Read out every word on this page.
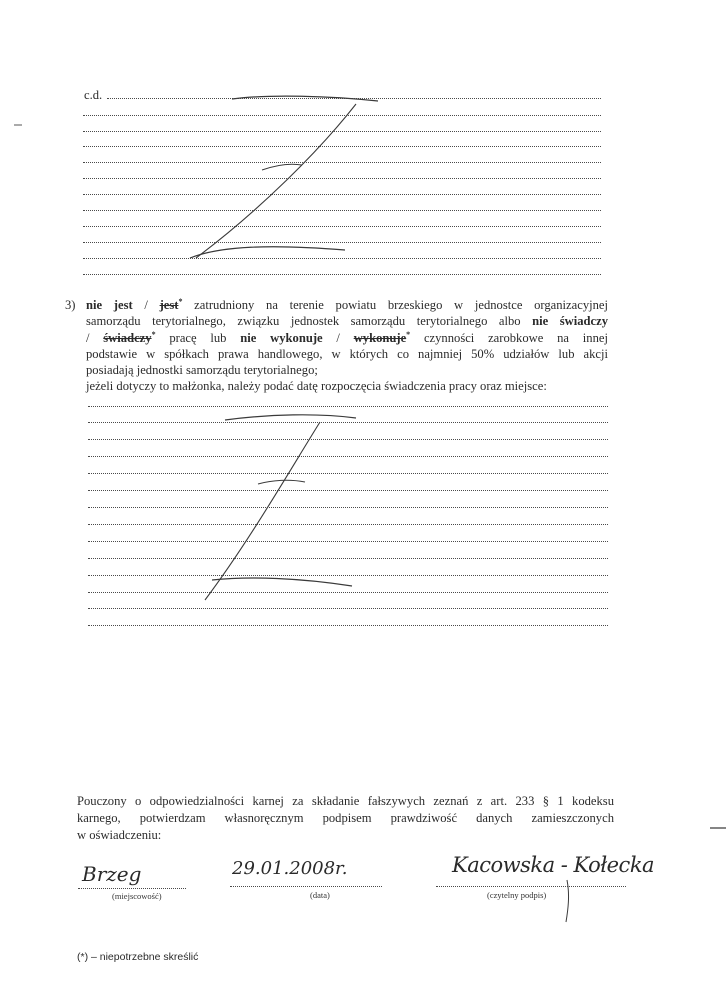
c.d.
3) nie jest / jest* zatrudniony na terenie powiatu brzeskiego w jednostce organizacyjnej
samorządu terytorialnego, związku jednostek samorządu terytorialnego albo nie świadczy
/ świadczy* pracę lub nie wykonuje / wykonuje* czynności zarobkowe na innej
podstawie w spółkach prawa handlowego, w których co najmniej 50% udziałów lub akcji
posiadają jednostki samorządu terytorialnego;
jeżeli dotyczy to małżonka, należy podać datę rozpoczęcia świadczenia pracy oraz miejsce:
Pouczony o odpowiedzialności karnej za składanie fałszywych zeznań z art. 233 § 1 kodeksu
karnego, potwierdzam własnoręcznym podpisem prawdziwość danych zamieszczonych
w oświadczeniu:
Brzeg
(miejscowość)
29.01.2008r.
(data)
Kacowska - Kołecka
(czytelny podpis)
(*) – niepotrzebne skreślić
